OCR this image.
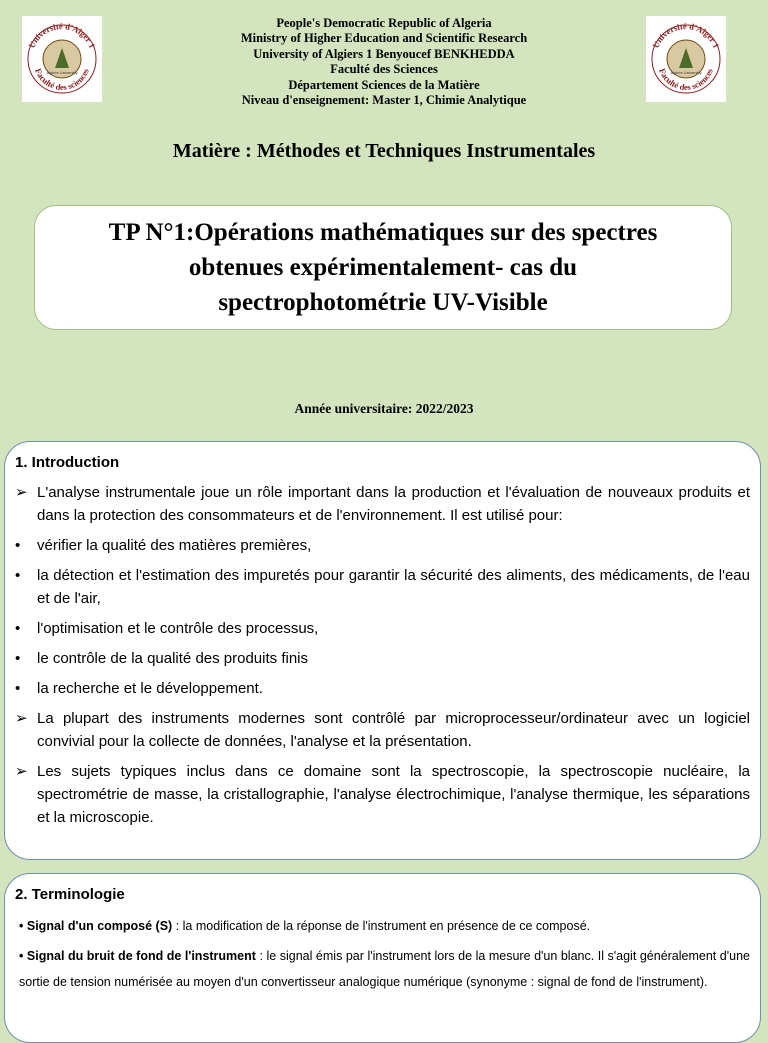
Université d'Alger 1
Faculté des sciences
Algiers University
Université d'Alger 1
Faculté des sciences
Algiers University
People's Democratic Republic of Algeria
Ministry of Higher Education and Scientific Research
University of Algiers 1 Benyoucef BENKHEDDA
Faculté des Sciences
Département Sciences de la Matière
Niveau d'enseignement: Master 1, Chimie Analytique
Matière : Méthodes et Techniques Instrumentales

TP N°1:Opérations mathématiques sur des spectres
obtenues expérimentalement- cas du
spectrophotométrie UV-Visible

Année universitaire: 2022/2023
1. Introduction
➢ L'analyse instrumentale joue un rôle important dans la production et l'évaluation de nouveaux produits et dans la protection des consommateurs et de l'environnement. Il est utilisé pour:
•	vérifier la qualité des matières premières,
•	la détection et l'estimation des impuretés pour garantir la sécurité des aliments, des médicaments, de l'eau et de l'air,
•	l'optimisation et le contrôle des processus,
•	le contrôle de la qualité des produits finis
•	la recherche et le développement.
➢ La plupart des instruments modernes sont contrôlé par microprocesseur/ordinateur avec un logiciel convivial pour la collecte de données, l'analyse et la présentation.
➢ Les sujets typiques inclus dans ce domaine sont la spectroscopie, la spectroscopie nucléaire, la spectrométrie de masse, la cristallographie, l'analyse électrochimique, l'analyse thermique, les séparations et la microscopie.
2. Terminologie
• Signal d'un composé (S) : la modification de la réponse de l'instrument en présence de ce composé.
• Signal du bruit de fond de l'instrument : le signal émis par l'instrument lors de la mesure d'un blanc. Il s'agit généralement d'une sortie de tension numérisée au moyen d'un convertisseur analogique numérique (synonyme : signal de fond de l'instrument).
